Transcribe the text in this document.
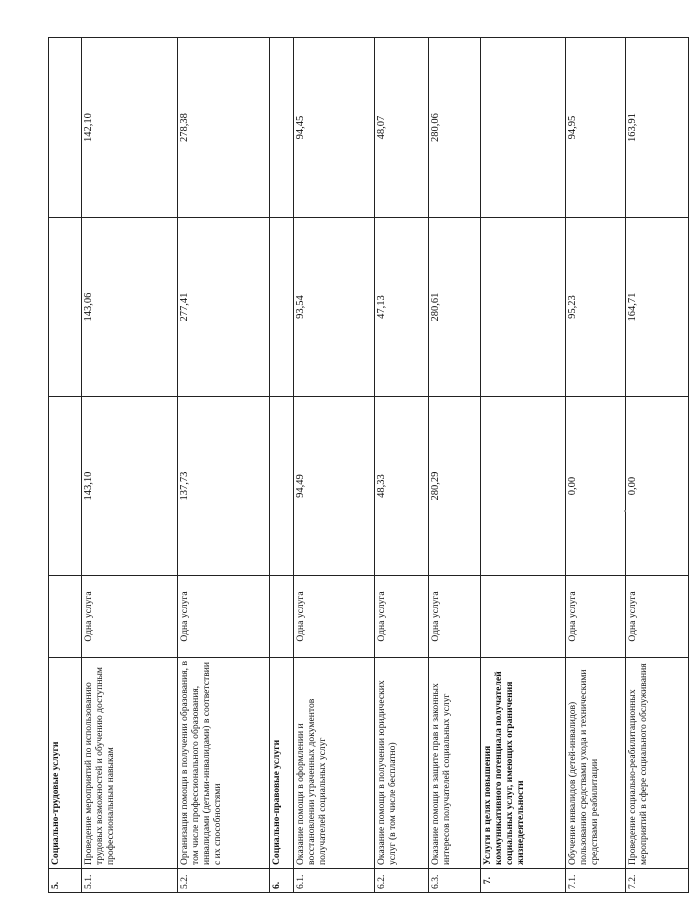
5.	Социально-трудовые услуги				
5.1.	Проведение мероприятий по использованию трудовых возможностей и обучению доступным профессиональным навыкам	Одна услуга	143,10	143,06	142,10
5.2.	Организация помощи в получении образования, в том числе профессионального образования, инвалидами (детьми-инвалидами) в соответствии с их способностями	Одна услуга	137,73	277,41	278,38
6.	Социально-правовые услуги				
6.1.	Оказание помощи в оформлении и восстановлении утраченных документов получателей социальных услуг	Одна услуга	94,49	93,54	94,45
6.2.	Оказание помощи в получении юридических услуг (в том числе бесплатно)	Одна услуга	48,33	47,13	48,07
6.3.	Оказание помощи в защите прав и законных интересов получателей социальных услуг	Одна услуга	280,29	280,61	280,06
7.	Услуги в целях повышения коммуникативного потенциала получателей социальных услуг, имеющих ограничения жизнедеятельности				
7.1.	Обучение инвалидов (детей-инвалидов) пользованию средствами ухода и техническими средствами реабилитации	Одна услуга	0,00	95,23	94,95
7.2.	Проведение социально-реабилитационных мероприятий в сфере социального обслуживания	Одна услуга	0,00	164,71	163,91
